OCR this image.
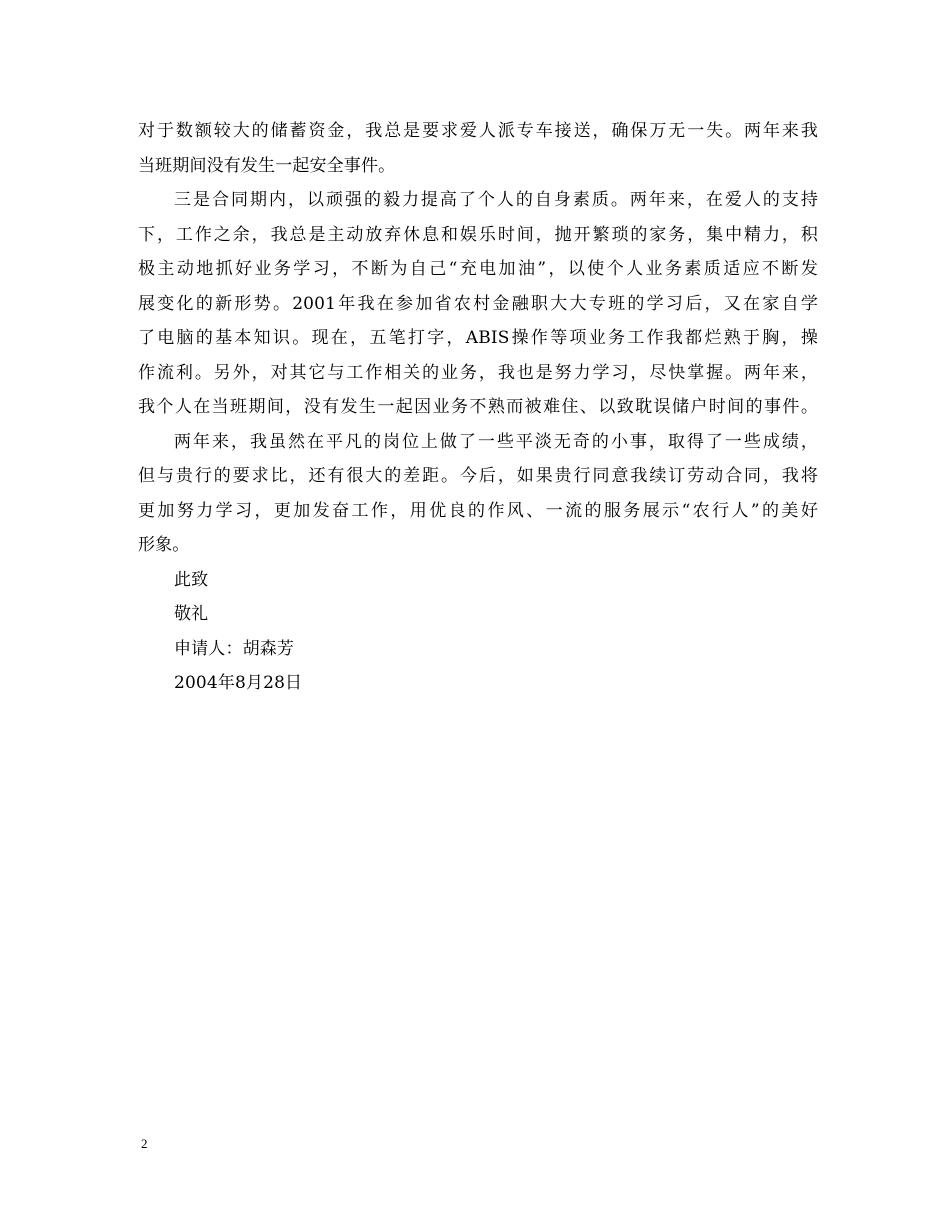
对于数额较大的储蓄资金，我总是要求爱人派专车接送，确保万无一失。两年来我
当班期间没有发生一起安全事件。
三是合同期内，以顽强的毅力提高了个人的自身素质。两年来，在爱人的支持
下，工作之余，我总是主动放弃休息和娱乐时间，抛开繁琐的家务，集中精力，积
极主动地抓好业务学习，不断为自己“充电加油”，以使个人业务素质适应不断发
展变化的新形势。2001年我在参加省农村金融职大大专班的学习后，又在家自学
了电脑的基本知识。现在，五笔打字，ABIS操作等项业务工作我都烂熟于胸，操
作流利。另外，对其它与工作相关的业务，我也是努力学习，尽快掌握。两年来，
我个人在当班期间，没有发生一起因业务不熟而被难住、以致耽误储户时间的事件。
两年来，我虽然在平凡的岗位上做了一些平淡无奇的小事，取得了一些成绩，
但与贵行的要求比，还有很大的差距。今后，如果贵行同意我续订劳动合同，我将
更加努力学习，更加发奋工作，用优良的作风、一流的服务展示“农行人”的美好
形象。
此致
敬礼
申请人：胡森芳
2004年8月28日
2
